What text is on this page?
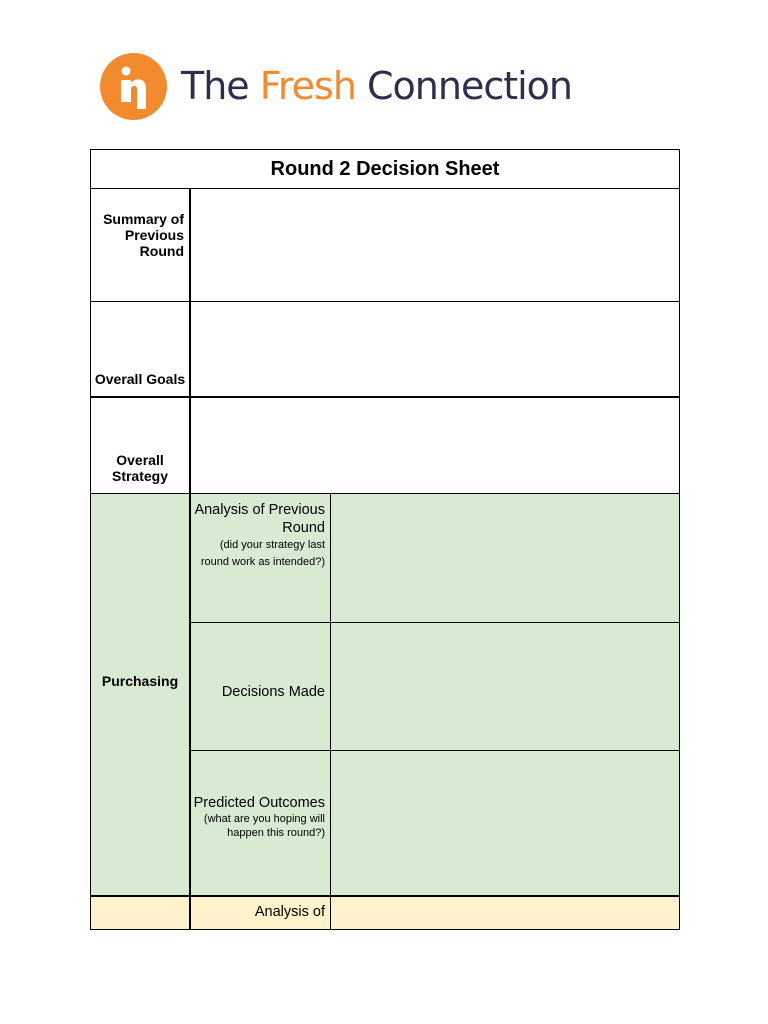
The Fresh Connection
Round 2 Decision Sheet
Summary of Previous Round
Overall Goals
Overall Strategy
Purchasing
Analysis of Previous Round
(did your strategy last round work as intended?)
Decisions Made
Predicted Outcomes
(what are you hoping will happen this round?)
Analysis of
